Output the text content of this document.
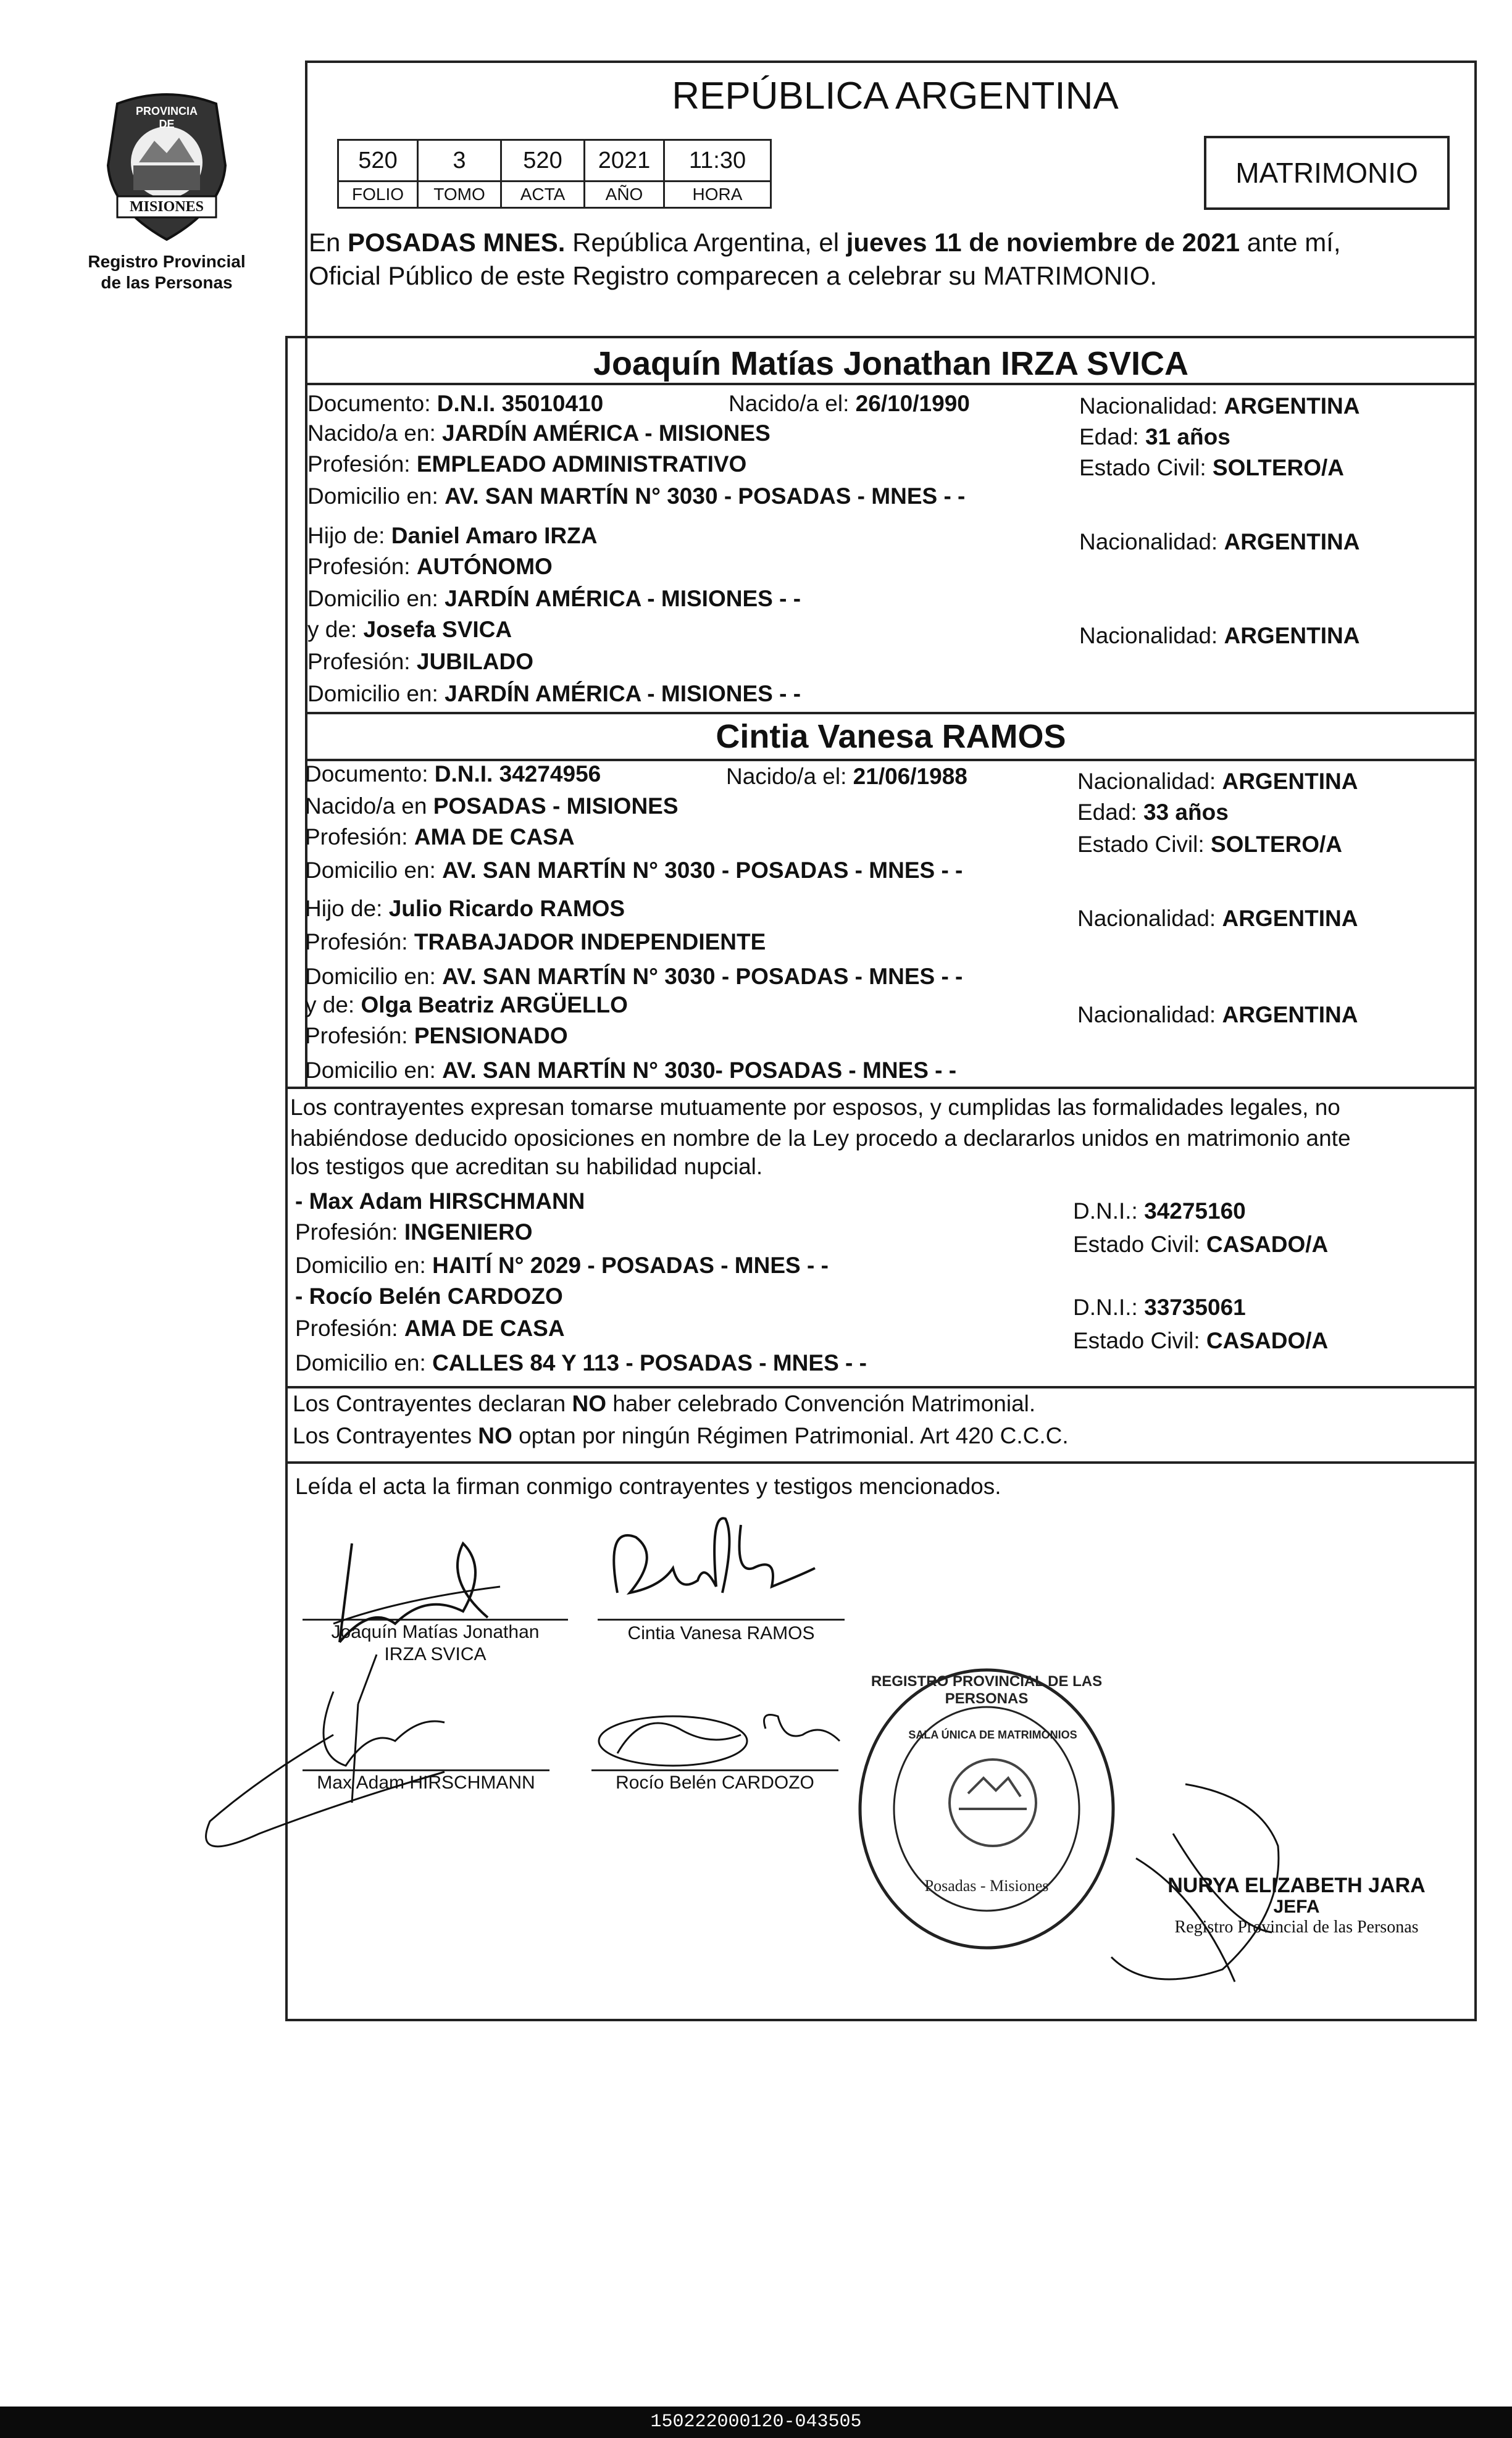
PROVINCIA DE
MISIONES
Registro Provincial
de las Personas
REPÚBLICA ARGENTINA
MATRIMONIO
520	3	520	2021	11:30
FOLIO	TOMO	ACTA	AÑO	HORA
En POSADAS MNES. República Argentina, el jueves 11 de noviembre de 2021 ante mí,
Oficial Público de este Registro comparecen a celebrar su MATRIMONIO.
Joaquín Matías Jonathan IRZA SVICA
Documento: D.N.I. 35010410	Nacido/a el: 26/10/1990	Nacionalidad: ARGENTINA
Nacido/a en: JARDÍN AMÉRICA - MISIONES	Edad: 31 años
Profesión: EMPLEADO ADMINISTRATIVO	Estado Civil: SOLTERO/A
Domicilio en: AV. SAN MARTÍN N° 3030 - POSADAS - MNES - -
Hijo de: Daniel Amaro IRZA	Nacionalidad: ARGENTINA
Profesión: AUTÓNOMO
Domicilio en: JARDÍN AMÉRICA - MISIONES - -
y de: Josefa SVICA	Nacionalidad: ARGENTINA
Profesión: JUBILADO
Domicilio en: JARDÍN AMÉRICA - MISIONES - -
Cintia Vanesa RAMOS
Documento: D.N.I. 34274956	Nacido/a el: 21/06/1988	Nacionalidad: ARGENTINA
Nacido/a en POSADAS - MISIONES	Edad: 33 años
Profesión: AMA DE CASA	Estado Civil: SOLTERO/A
Domicilio en: AV. SAN MARTÍN N° 3030 - POSADAS - MNES - -
Hijo de: Julio Ricardo RAMOS	Nacionalidad: ARGENTINA
Profesión: TRABAJADOR INDEPENDIENTE
Domicilio en: AV. SAN MARTÍN N° 3030 - POSADAS - MNES - -
y de: Olga Beatriz ARGÜELLO	Nacionalidad: ARGENTINA
Profesión: PENSIONADO
Domicilio en: AV. SAN MARTÍN N° 3030- POSADAS - MNES - -
Los contrayentes expresan tomarse mutuamente por esposos, y cumplidas las formalidades legales, no
habiéndose deducido oposiciones en nombre de la Ley procedo a declararlos unidos en matrimonio ante
los testigos que acreditan su habilidad nupcial.
- Max Adam HIRSCHMANN
Profesión: INGENIERO
Domicilio en: HAITÍ N° 2029 - POSADAS - MNES - -
D.N.I.: 34275160
Estado Civil: CASADO/A
- Rocío Belén CARDOZO
Profesión: AMA DE CASA
Domicilio en: CALLES 84 Y 113 - POSADAS - MNES - -
D.N.I.: 33735061
Estado Civil: CASADO/A
Los Contrayentes declaran NO haber celebrado Convención Matrimonial.
Los Contrayentes NO optan por ningún Régimen Patrimonial. Art 420 C.C.C.
Leída el acta la firman conmigo contrayentes y testigos mencionados.
Joaquín Matías Jonathan
IRZA SVICA
Cintia Vanesa RAMOS
Max Adam HIRSCHMANN	Rocío Belén CARDOZO
REGISTRO PROVINCIAL DE LAS PERSONAS
SALA ÚNICA DE MATRIMONIOS
Posadas - Misiones	NURYA ELIZABETH JARA
JEFA
Registro Provincial de las Personas
150222000120-043505
